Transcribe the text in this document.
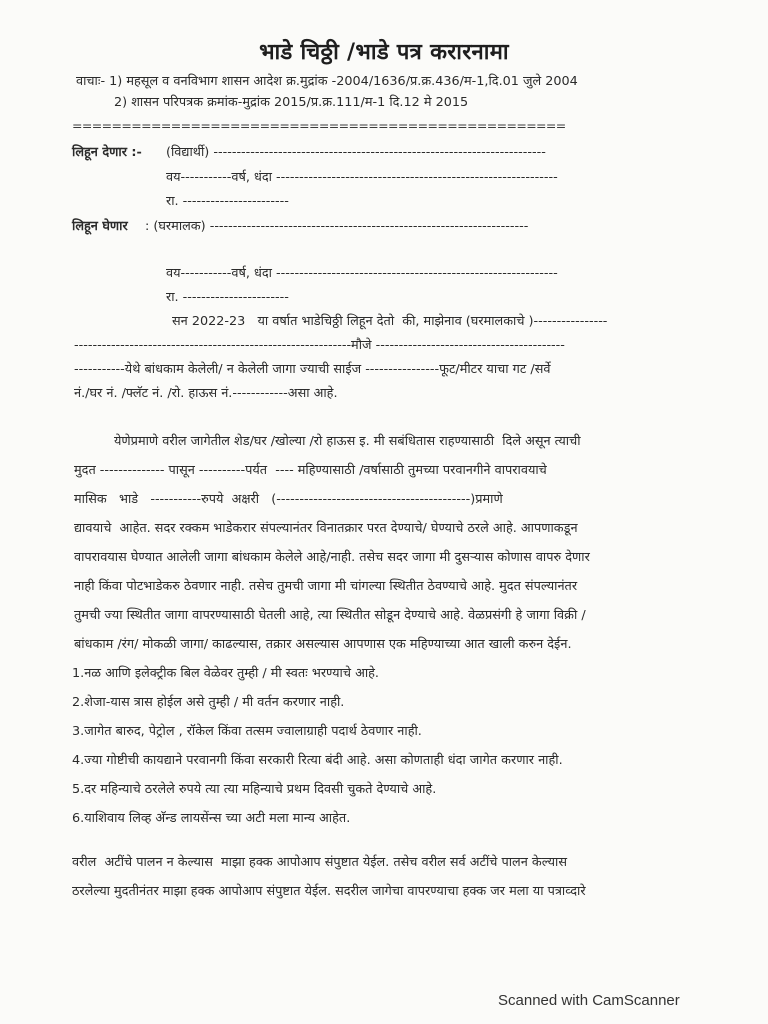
भाडे चिठ्ठी /भाडे पत्र करारनामा
वाचाः- 1) महसूल व वनविभाग शासन आदेश क्र.मुद्रांक -2004/1636/प्र.क्र.436/म-1,दि.01 जुले 2004
2) शासन परिपत्रक क्रमांक-मुद्रांक 2015/प्र.क्र.111/म-1 दि.12 मे 2015
==================================================
लिहून देणार :- (विद्यार्थी) ------------------------------------------------------------------------
वय-----------वर्ष, धंदा -------------------------------------------------------------
रा. -----------------------
लिहून घेणार : (घरमालक) ---------------------------------------------------------------------
वय-----------वर्ष, धंदा -------------------------------------------------------------
रा. -----------------------
सन 2022-23   या वर्षात भाडेचिठ्ठी लिहून देतो  की, माझेनाव (घरमालकाचे )----------------
------------------------------------------------------------मौजे -----------------------------------------
-----------येथे बांधकाम केलेली/ न केलेली जागा ज्याची साईज ----------------फूट/मीटर याचा गट /सर्वे
नं./घर नं. /फ्लॅट नं. /रो. हाऊस नं.------------असा आहे.
येणेप्रमाणे वरील जागेतील शेड/घर /खोल्या /रो हाऊस इ. मी सबंधितास राहण्यासाठी  दिले असून त्याची
मुदत -------------- पासून ----------पर्यत  ---- महिण्यासाठी /वर्षासाठी तुमच्या परवानगीने वापरावयाचे
मासिक   भाडे   -----------रुपये  अक्षरी   (------------------------------------------)प्रमाणे
द्यावयाचे  आहेत. सदर रक्कम भाडेकरार संपल्यानंतर विनातक्रार परत देण्याचे/ घेण्याचे ठरले आहे. आपणाकडून
वापरावयास घेण्यात आलेली जागा बांधकाम केलेले आहे/नाही. तसेच सदर जागा मी दुसऱ्यास कोणास वापरु देणार
नाही किंवा पोटभाडेकरु ठेवणार नाही. तसेच तुमची जागा मी चांगल्या स्थितीत ठेवण्याचे आहे. मुदत संपल्यानंतर
तुमची ज्या स्थितीत जागा वापरण्यासाठी घेतली आहे, त्या स्थितीत सोडून देण्याचे आहे. वेळप्रसंगी हे जागा विक्री /
बांधकाम /रंग/ मोकळी जागा/ काढल्यास, तक्रार असल्यास आपणास एक महिण्याच्या आत खाली करुन देईन.
1.नळ आणि इलेक्ट्रीक बिल वेळेवर तुम्ही / मी स्वतः भरण्याचे आहे.
2.शेजा-यास त्रास होईल असे तुम्ही / मी वर्तन करणार नाही.
3.जागेत बारुद, पेट्रोल , रॉकेल किंवा तत्सम ज्वालाग्राही पदार्थ ठेवणार नाही.
4.ज्या गोष्टीची कायद्याने परवानगी किंवा सरकारी रित्या बंदी आहे. असा कोणताही धंदा जागेत करणार नाही.
5.दर महिन्याचे ठरलेले रुपये त्या त्या महिन्याचे प्रथम दिवसी चुकते देण्याचे आहे.
6.याशिवाय लिव्ह अ‍ॅन्ड लायसेंन्स च्या अटी मला मान्य आहेत.
वरील  अटींचे पालन न केल्यास  माझा हक्क आपोआप संपुष्टात येईल. तसेच वरील सर्व अटींचे पालन केल्यास
ठरलेल्या मुदतीनंतर माझा हक्क आपोआप संपुष्टात येईल. सदरील जागेचा वापरण्याचा हक्क जर मला या पत्राव्दारे
Scanned with CamScanner
